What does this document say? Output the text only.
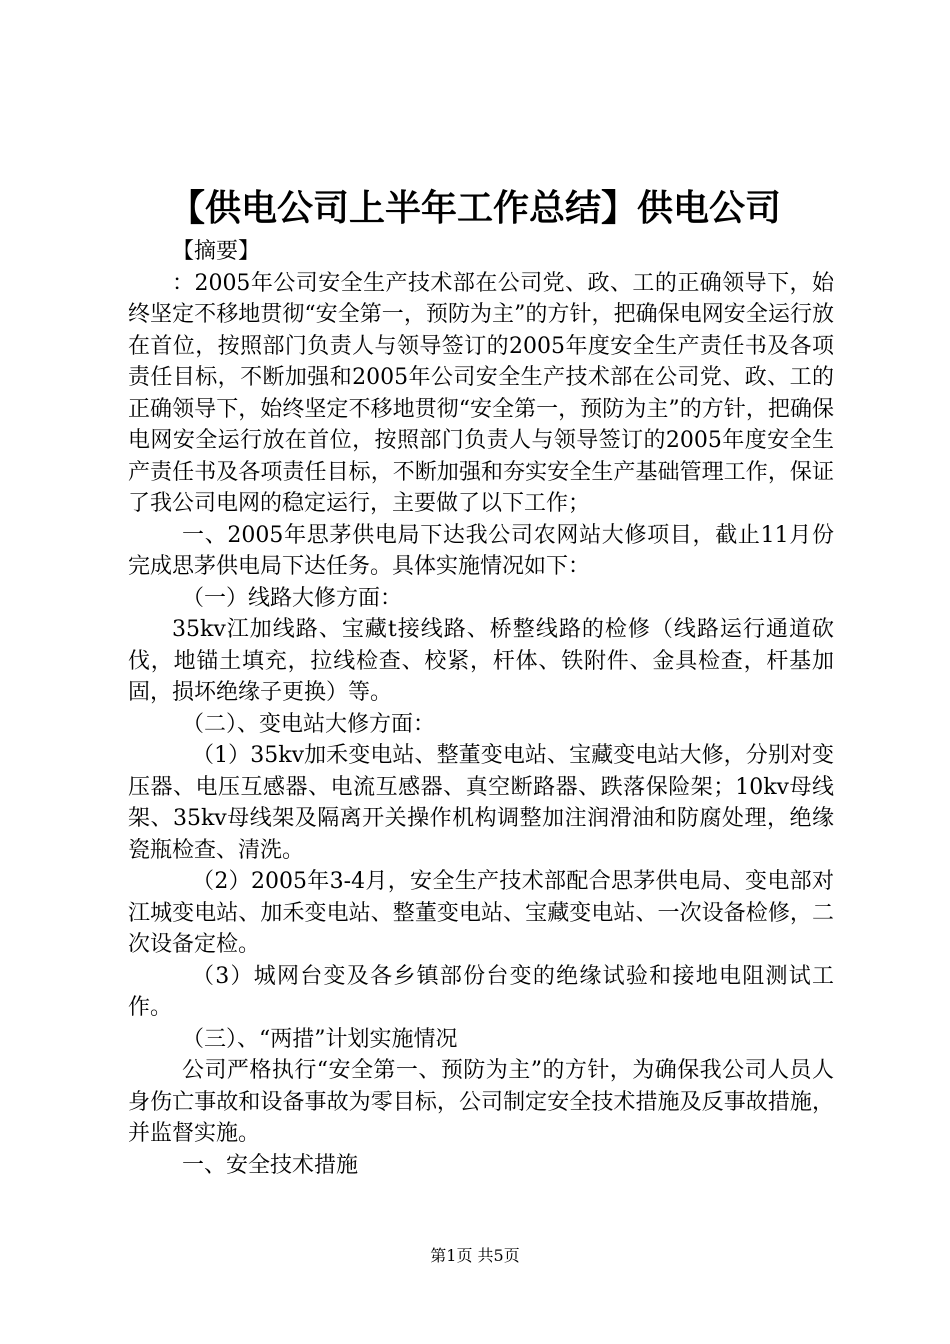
【供电公司上半年工作总结】供电公司

【摘要】

：2005年公司安全生产技术部在公司党、政、工的正确领导下，始终坚定不移地贯彻“安全第一，预防为主”的方针，把确保电网安全运行放在首位，按照部门负责人与领导签订的2005年度安全生产责任书及各项责任目标，不断加强和2005年公司安全生产技术部在公司党、政、工的正确领导下，始终坚定不移地贯彻“安全第一，预防为主”的方针，把确保电网安全运行放在首位，按照部门负责人与领导签订的2005年度安全生产责任书及各项责任目标，不断加强和夯实安全生产基础管理工作，保证了我公司电网的稳定运行，主要做了以下工作；

一、2005年思茅供电局下达我公司农网站大修项目，截止11月份完成思茅供电局下达任务。具体实施情况如下：

（一）线路大修方面：

35kv江加线路、宝藏t接线路、桥整线路的检修（线路运行通道砍伐，地锚土填充，拉线检查、校紧，杆体、铁附件、金具检查，杆基加固，损坏绝缘子更换）等。

（二）、变电站大修方面：

（1）35kv加禾变电站、整董变电站、宝藏变电站大修，分别对变压器、电压互感器、电流互感器、真空断路器、跌落保险架；10kv母线架、35kv母线架及隔离开关操作机构调整加注润滑油和防腐处理，绝缘瓷瓶检查、清洗。

（2）2005年3-4月，安全生产技术部配合思茅供电局、变电部对江城变电站、加禾变电站、整董变电站、宝藏变电站、一次设备检修，二次设备定检。

（3）城网台变及各乡镇部份台变的绝缘试验和接地电阻测试工作。

（三）、“两措”计划实施情况

公司严格执行“安全第一、预防为主”的方针，为确保我公司人员人身伤亡事故和设备事故为零目标，公司制定安全技术措施及反事故措施，并监督实施。

一、安全技术措施

第1页 共5页
